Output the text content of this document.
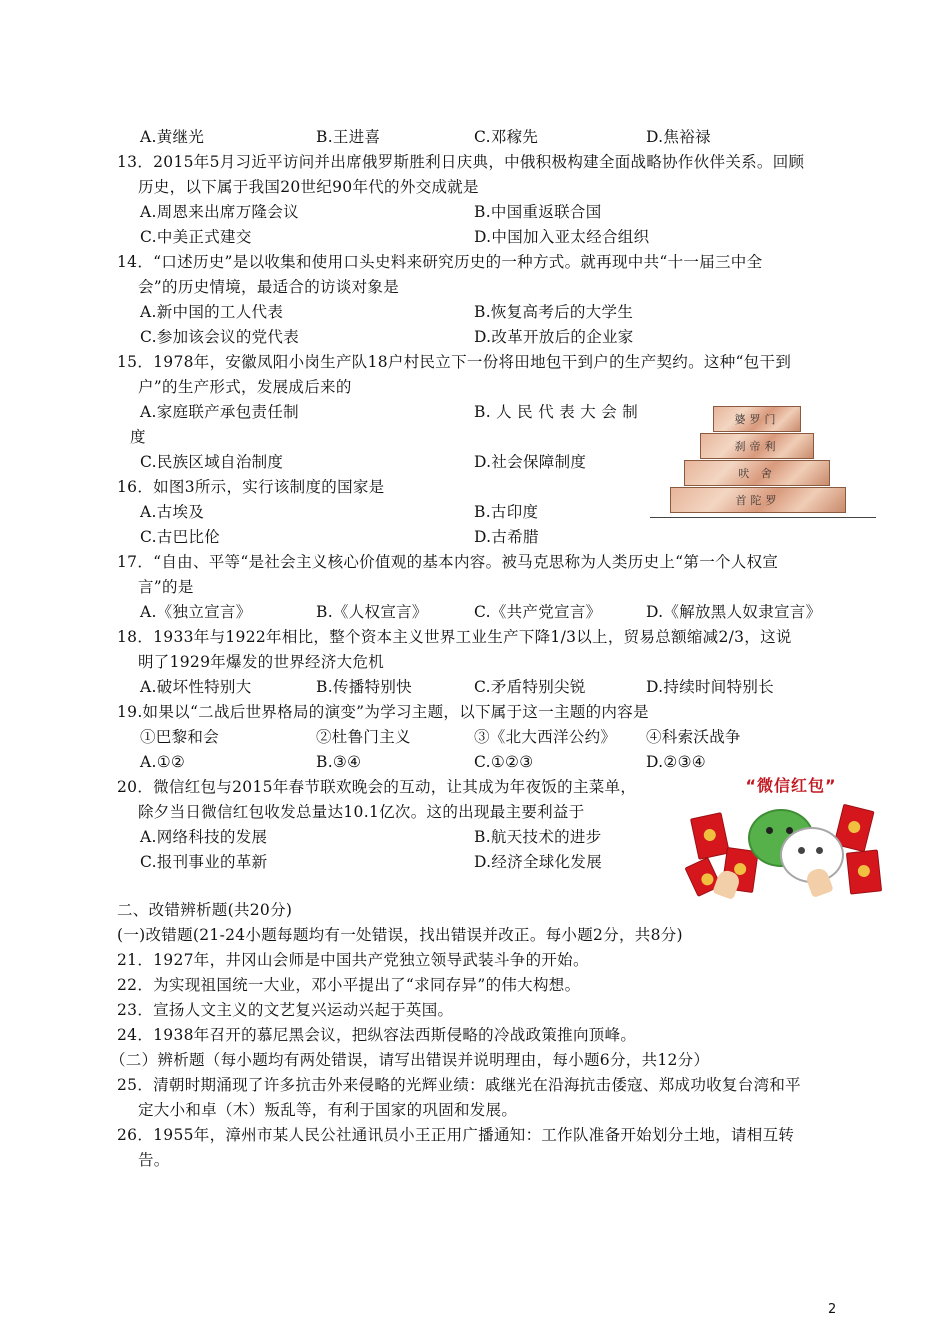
A.黄继光	B.王进喜	C.邓稼先	D.焦裕禄
13．2015年5月习近平访问并出席俄罗斯胜利日庆典，中俄积极构建全面战略协作伙伴关系。回顾
历史，以下属于我国20世纪90年代的外交成就是
A.周恩来出席万隆会议	B.中国重返联合国
C.中美正式建交	D.中国加入亚太经合组织
14．“口述历史”是以收集和使用口头史料来研究历史的一种方式。就再现中共“十一届三中全
会”的历史情境，最适合的访谈对象是
A.新中国的工人代表	B.恢复高考后的大学生
C.参加该会议的党代表	D.改革开放后的企业家
15．1978年，安徽凤阳小岗生产队18户村民立下一份将田地包干到户的生产契约。这种“包干到
户”的生产形式，发展成后来的
A.家庭联产承包责任制	B. 人 民 代 表 大 会 制
度
C.民族区域自治制度	D.社会保障制度
婆罗门
刹帝利
吠 舍
首陀罗
16．如图3所示，实行该制度的国家是
A.古埃及	B.古印度
C.古巴比伦	D.古希腊
17．“自由、平等“是社会主义核心价值观的基本内容。被马克思称为人类历史上“第一个人权宣
言”的是
A.《独立宣言》	B.《人权宣言》	C.《共产党宣言》	D.《解放黑人奴隶宣言》
18．1933年与1922年相比，整个资本主义世界工业生产下降1/3以上，贸易总额缩减2/3，这说
明了1929年爆发的世界经济大危机
A.破坏性特别大	B.传播特别快	C.矛盾特别尖锐	D.持续时间特别长
19.如果以“二战后世界格局的演变”为学习主题，以下属于这一主题的内容是
①巴黎和会	②杜鲁门主义	③《北大西洋公约》 ④科索沃战争
A.①②	B.③④	C.①②③	D.②③④
20．微信红包与2015年春节联欢晚会的互动，让其成为年夜饭的主菜单，
除夕当日微信红包收发总量达10.1亿次。这的出现最主要利益于
A.网络科技的发展	B.航天技术的进步
C.报刊事业的革新	D.经济全球化发展
“微信红包”
二、改错辨析题(共20分)
(一)改错题(21-24小题每题均有一处错误，找出错误并改正。每小题2分，共8分)
21．1927年，井冈山会师是中国共产党独立领导武装斗争的开始。
22．为实现祖国统一大业，邓小平提出了“求同存异”的伟大构想。
23．宣扬人文主义的文艺复兴运动兴起于英国。
24．1938年召开的慕尼黑会议，把纵容法西斯侵略的冷战政策推向顶峰。
（二）辨析题（每小题均有两处错误，请写出错误并说明理由，每小题6分，共12分）
25．清朝时期涌现了许多抗击外来侵略的光辉业绩：戚继光在沿海抗击倭寇、郑成功收复台湾和平
定大小和卓（木）叛乱等，有利于国家的巩固和发展。
26．1955年，漳州市某人民公社通讯员小王正用广播通知：工作队准备开始划分土地，请相互转
告。
2
